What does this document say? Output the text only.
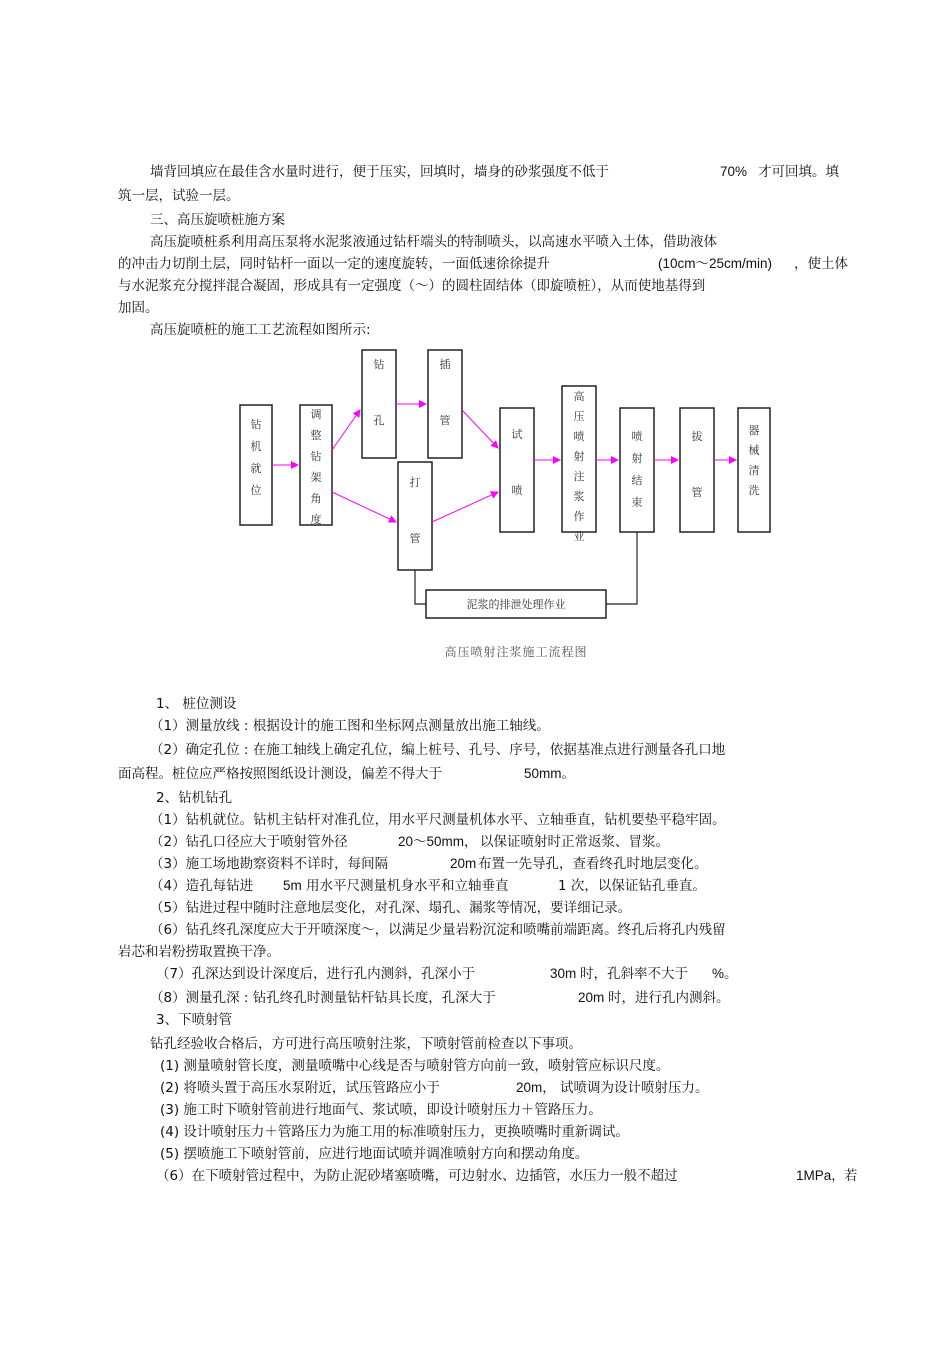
墙背回填应在最佳含水量时进行，便于压实，回填时，墙身的砂浆强度不低于	70% 才可回填。填
筑一层，试验一层。
三、高压旋喷桩施方案
高压旋喷桩系利用高压泵将水泥浆液通过钻杆端头的特制喷头，以高速水平喷入土体，借助液体
的冲击力切削土层，同时钻杆一面以一定的速度旋转，一面低速徐徐提升	(10cm～25cm/min) ，使土体
与水泥浆充分搅拌混合凝固，形成具有一定强度（～）的圆柱固结体（即旋喷桩），从而使地基得到
加固。
高压旋喷桩的施工工艺流程如图所示:
钻
机
就
位
调
整
钻
架
角
度
钻
孔
插
管
打
管
试
喷
高
压
喷
射
注
浆
作
业
喷
射
结
束
拔
管
器
械
清
洗
高压喷射注浆施工流程图
泥浆的排泄处理作业
1、 桩位测设
（1）测量放线 : 根据设计的施工图和坐标网点测量放出施工轴线。
（2）确定孔位 : 在施工轴线上确定孔位，编上桩号、孔号、序号，依据基准点进行测量各孔口地
面高程。桩位应严格按照图纸设计测设，偏差不得大于	50mm。
2、钻机钻孔
（1）钻机就位。钻机主钻杆对准孔位，用水平尺测量机体水平、立轴垂直，钻机要垫平稳牢固。
（2）钻孔口径应大于喷射管外径	20～50mm， 以保证喷射时正常返浆、冒浆。
（3）施工场地勘察资料不详时，每间隔	20m 布置一先导孔，查看终孔时地层变化。
（4）造孔每钻进 5m 用水平尺测量机身水平和立轴垂直	1 次，以保证钻孔垂直。
（5）钻进过程中随时注意地层变化，对孔深、塌孔、漏浆等情况，要详细记录。
（6）钻孔终孔深度应大于开喷深度～，以满足少量岩粉沉淀和喷嘴前端距离。终孔后将孔内残留
岩芯和岩粉捞取置换干净。
（7）孔深达到设计深度后，进行孔内测斜，孔深小于	30m 时，孔斜率不大于 %。
（8）测量孔深 : 钻孔终孔时测量钻杆钻具长度，孔深大于	20m 时，进行孔内测斜。
3、下喷射管
钻孔经验收合格后，方可进行高压喷射注浆，下喷射管前检查以下事项。
(1) 测量喷射管长度，测量喷嘴中心线是否与喷射管方向前一致，喷射管应标识尺度。
(2) 将喷头置于高压水泵附近，试压管路应小于	20m， 试喷调为设计喷射压力。
(3) 施工时下喷射管前进行地面气、浆试喷，即设计喷射压力＋管路压力。
(4) 设计喷射压力＋管路压力为施工用的标准喷射压力，更换喷嘴时重新调试。
(5) 摆喷施工下喷射管前，应进行地面试喷并调准喷射方向和摆动角度。
（6）在下喷射管过程中，为防止泥砂堵塞喷嘴，可边射水、边插管，水压力一般不超过	1MPa， 若
